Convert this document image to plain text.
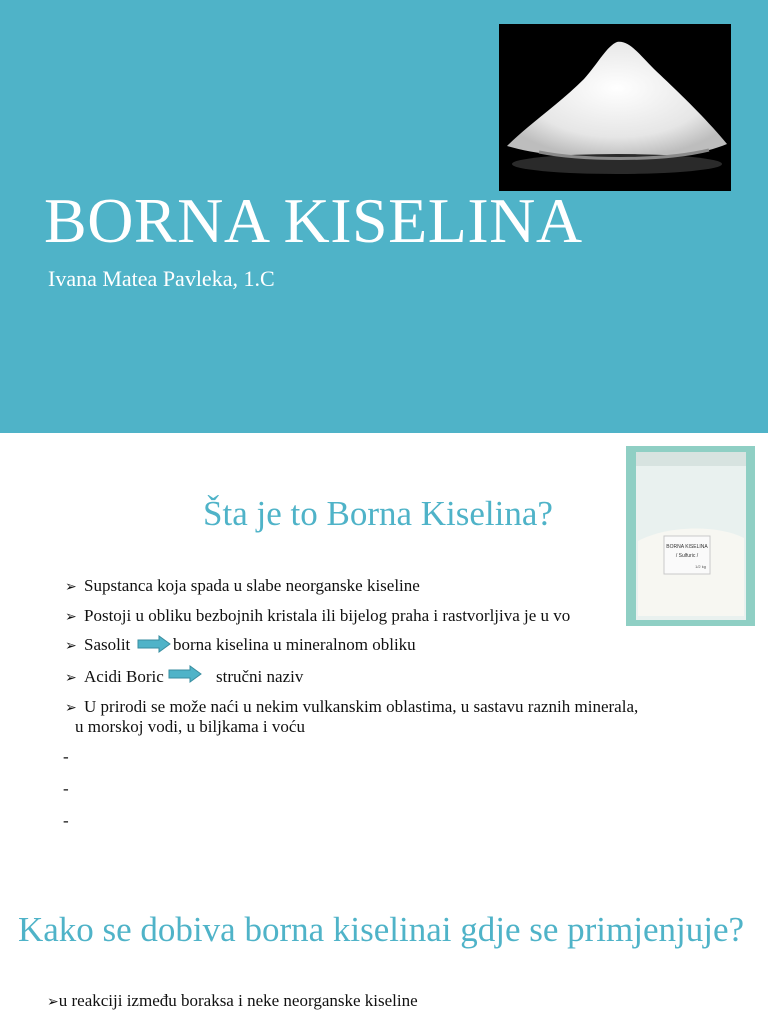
BORNA KISELINA
Ivana Matea Pavleka, 1.C
BORNA KISELINA
/ Sulfuric /
1/2 kg
Šta je to Borna Kiselina?
➢ Supstanca koja spada u slabe neorganske kiseline
➢ Postoji u obliku bezbojnih kristala ili bijelog praha i rastvorljiva je u vo
➢ Sasolit	borna kiselina u mineralnom obliku
➢ Acidi Boric	stručni naziv
➢ U prirodi se može naći u nekim vulkanskim oblastima, u sastavu raznih minerala,
u morskoj vodi, u biljkama i voću
-
-
-
Kako se dobiva borna kiselinai gdje se primjenjuje?
➢u reakciji između boraksa i neke neorganske kiseline
